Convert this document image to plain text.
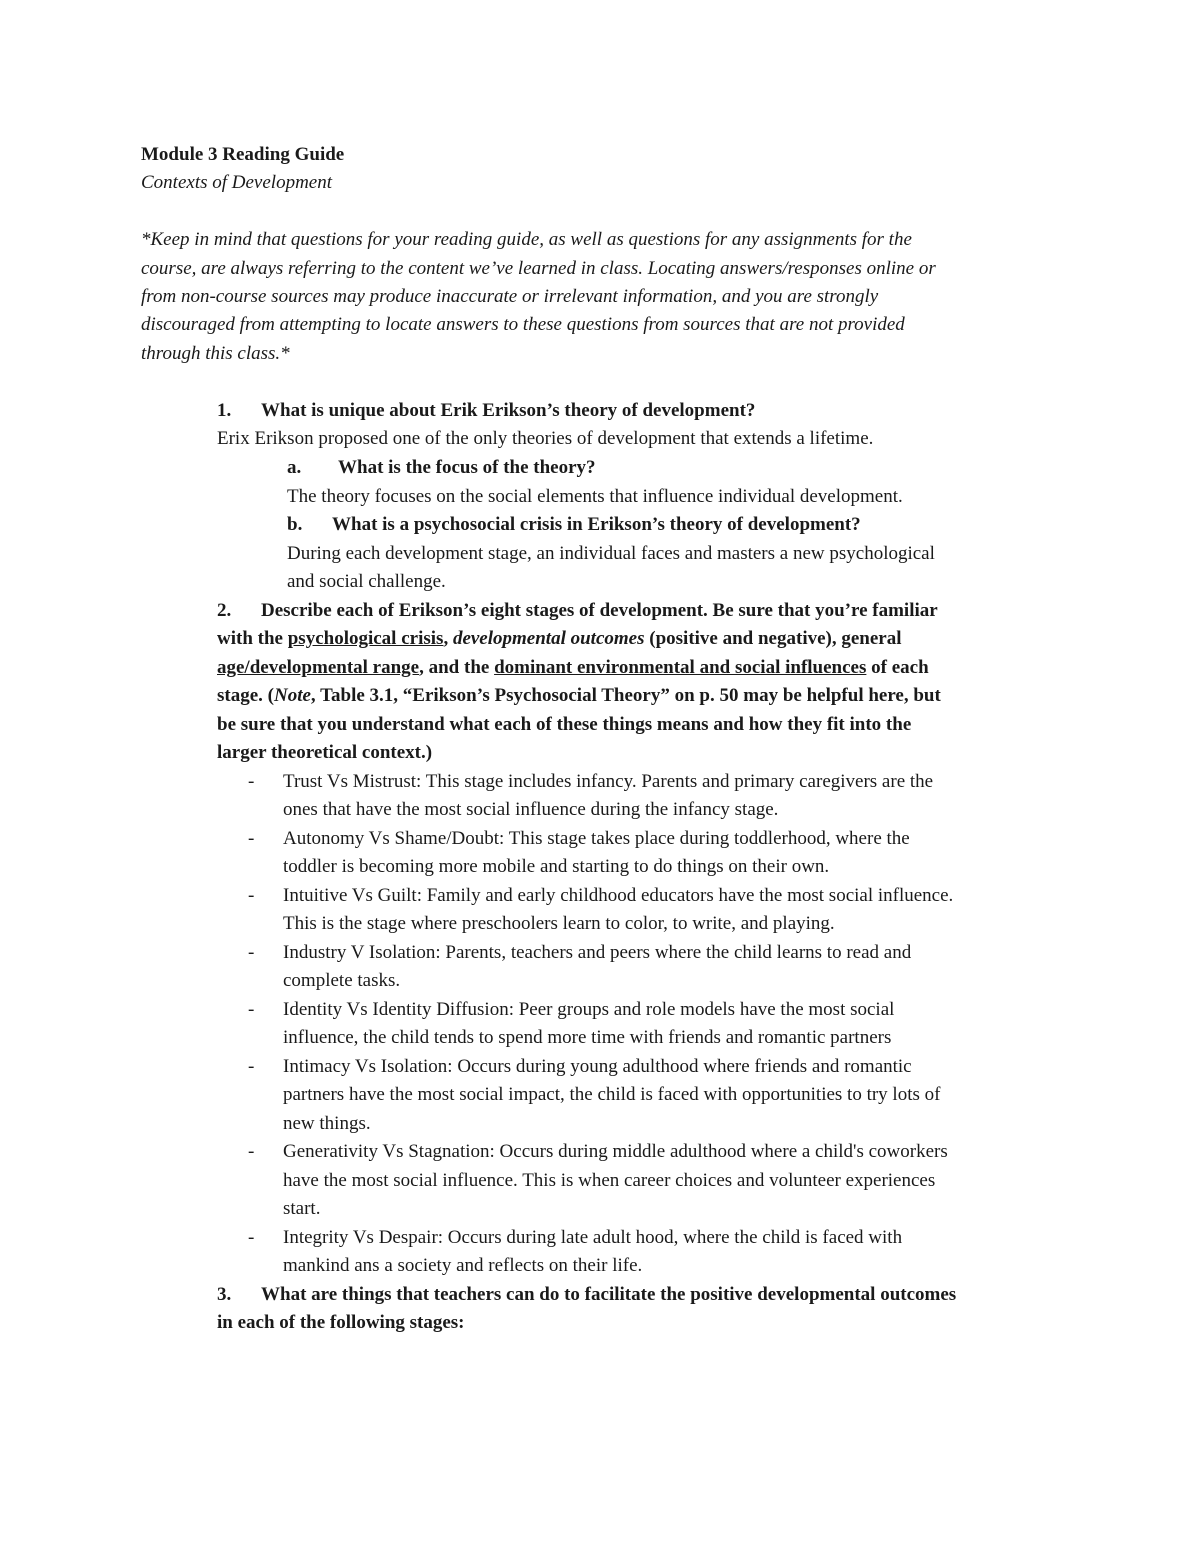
Module 3 Reading Guide
Contexts of Development
*Keep in mind that questions for your reading guide, as well as questions for any assignments for the
course, are always referring to the content we’ve learned in class. Locating answers/responses online or
from non-course sources may produce inaccurate or irrelevant information, and you are strongly
discouraged from attempting to locate answers to these questions from sources that are not provided
through this class.*
1. What is unique about Erik Erikson’s theory of development?
Erix Erikson proposed one of the only theories of development that extends a lifetime.
a. What is the focus of the theory?
The theory focuses on the social elements that influence individual development.
b. What is a psychosocial crisis in Erikson’s theory of development?
During each development stage, an individual faces and masters a new psychological
and social challenge.
2. Describe each of Erikson’s eight stages of development. Be sure that you’re familiar
with the psychological crisis, developmental outcomes (positive and negative), general
age/developmental range, and the dominant environmental and social influences of each
stage. (Note, Table 3.1, “Erikson’s Psychosocial Theory” on p. 50 may be helpful here, but
be sure that you understand what each of these things means and how they fit into the
larger theoretical context.)
- Trust Vs Mistrust: This stage includes infancy. Parents and primary caregivers are the
ones that have the most social influence during the infancy stage.
- Autonomy Vs Shame/Doubt: This stage takes place during toddlerhood, where the
toddler is becoming more mobile and starting to do things on their own.
- Intuitive Vs Guilt: Family and early childhood educators have the most social influence.
This is the stage where preschoolers learn to color, to write, and playing.
- Industry V Isolation: Parents, teachers and peers where the child learns to read and
complete tasks.
- Identity Vs Identity Diffusion: Peer groups and role models have the most social
influence, the child tends to spend more time with friends and romantic partners
- Intimacy Vs Isolation: Occurs during young adulthood where friends and romantic
partners have the most social impact, the child is faced with opportunities to try lots of
new things.
- Generativity Vs Stagnation: Occurs during middle adulthood where a child's coworkers
have the most social influence. This is when career choices and volunteer experiences
start.
- Integrity Vs Despair: Occurs during late adult hood, where the child is faced with
mankind ans a society and reflects on their life.
3. What are things that teachers can do to facilitate the positive developmental outcomes
in each of the following stages:
